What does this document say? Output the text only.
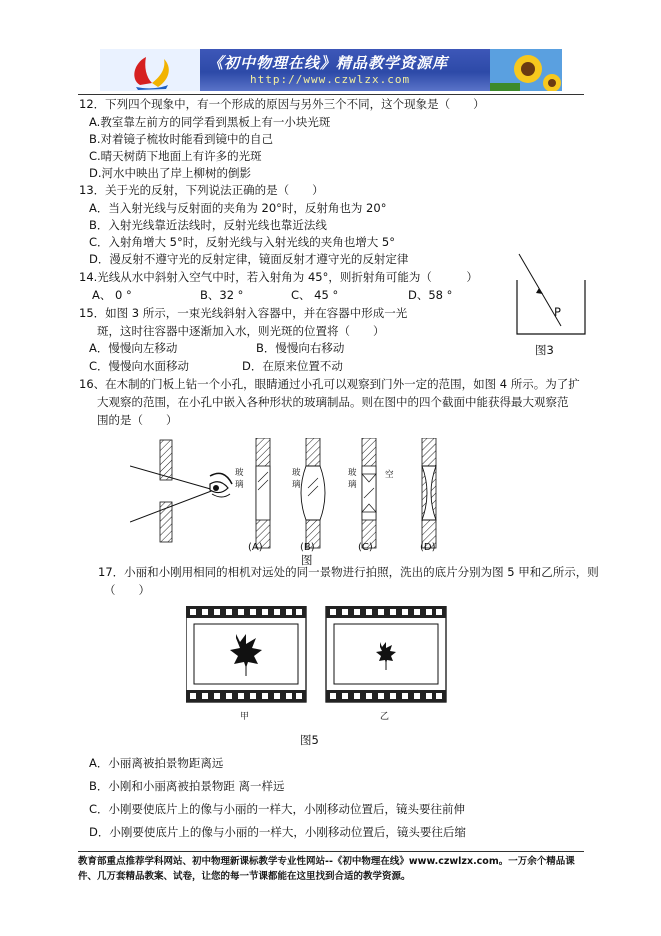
《初中物理在线》精品教学资源库
http://www.czwlzx.com
12．下列四个现象中，有一个形成的原因与另外三个不同，这个现象是（　　）
A.教室靠左前方的同学看到黑板上有一小块光斑
B.对着镜子梳妆时能看到镜中的自己
C.晴天树荫下地面上有许多的光斑
D.河水中映出了岸上柳树的倒影
13．关于光的反射，下列说法正确的是（　　）
A．当入射光线与反射面的夹角为 20°时，反射角也为 20°
B．入射光线靠近法线时，反射光线也靠近法线
C．入射角增大 5°时，反射光线与入射光线的夹角也增大 5°
D．漫反射不遵守光的反射定律，镜面反射才遵守光的反射定律
14.光线从水中斜射入空气中时，若入射角为 45°，则折射角可能为（　　　）
A、 0 °	B、32 °	C、 45 °	D、58 °
15．如图 3 所示，一束光线斜射入容器中，并在容器中形成一光
斑，这时往容器中逐渐加入水，则光斑的位置将（　　）
A．慢慢向左移动	B．慢慢向右移动
C．慢慢向水面移动	D．在原来位置不动
P
图3
16、在木制的门板上钻一个小孔，眼睛通过小孔可以观察到门外一定的范围，如图 4 所示。为了扩
大观察的范围，在小孔中嵌入各种形状的玻璃制品。则在图中的四个截面中能获得最大观察范
围的是（　　）
玻
璃
玻
璃
玻
璃
空
(A)	(B)	(C)	(D)
图
17．小丽和小刚用相同的相机对远处的同一景物进行拍照，洗出的底片分别为图 5 甲和乙所示，则
（　　）
甲	乙
图5
A．小丽离被拍景物距离远
B．小刚和小丽离被拍景物距 离一样远
C．小刚要使底片上的像与小丽的一样大，小刚移动位置后，镜头要往前伸
D．小刚要使底片上的像与小丽的一样大，小刚移动位置后，镜头要往后缩
教育部重点推荐学科网站、初中物理新课标教学专业性网站--《初中物理在线》www.czwlzx.com。一万余个精品课
件、几万套精品教案、试卷，让您的每一节课都能在这里找到合适的教学资源。
